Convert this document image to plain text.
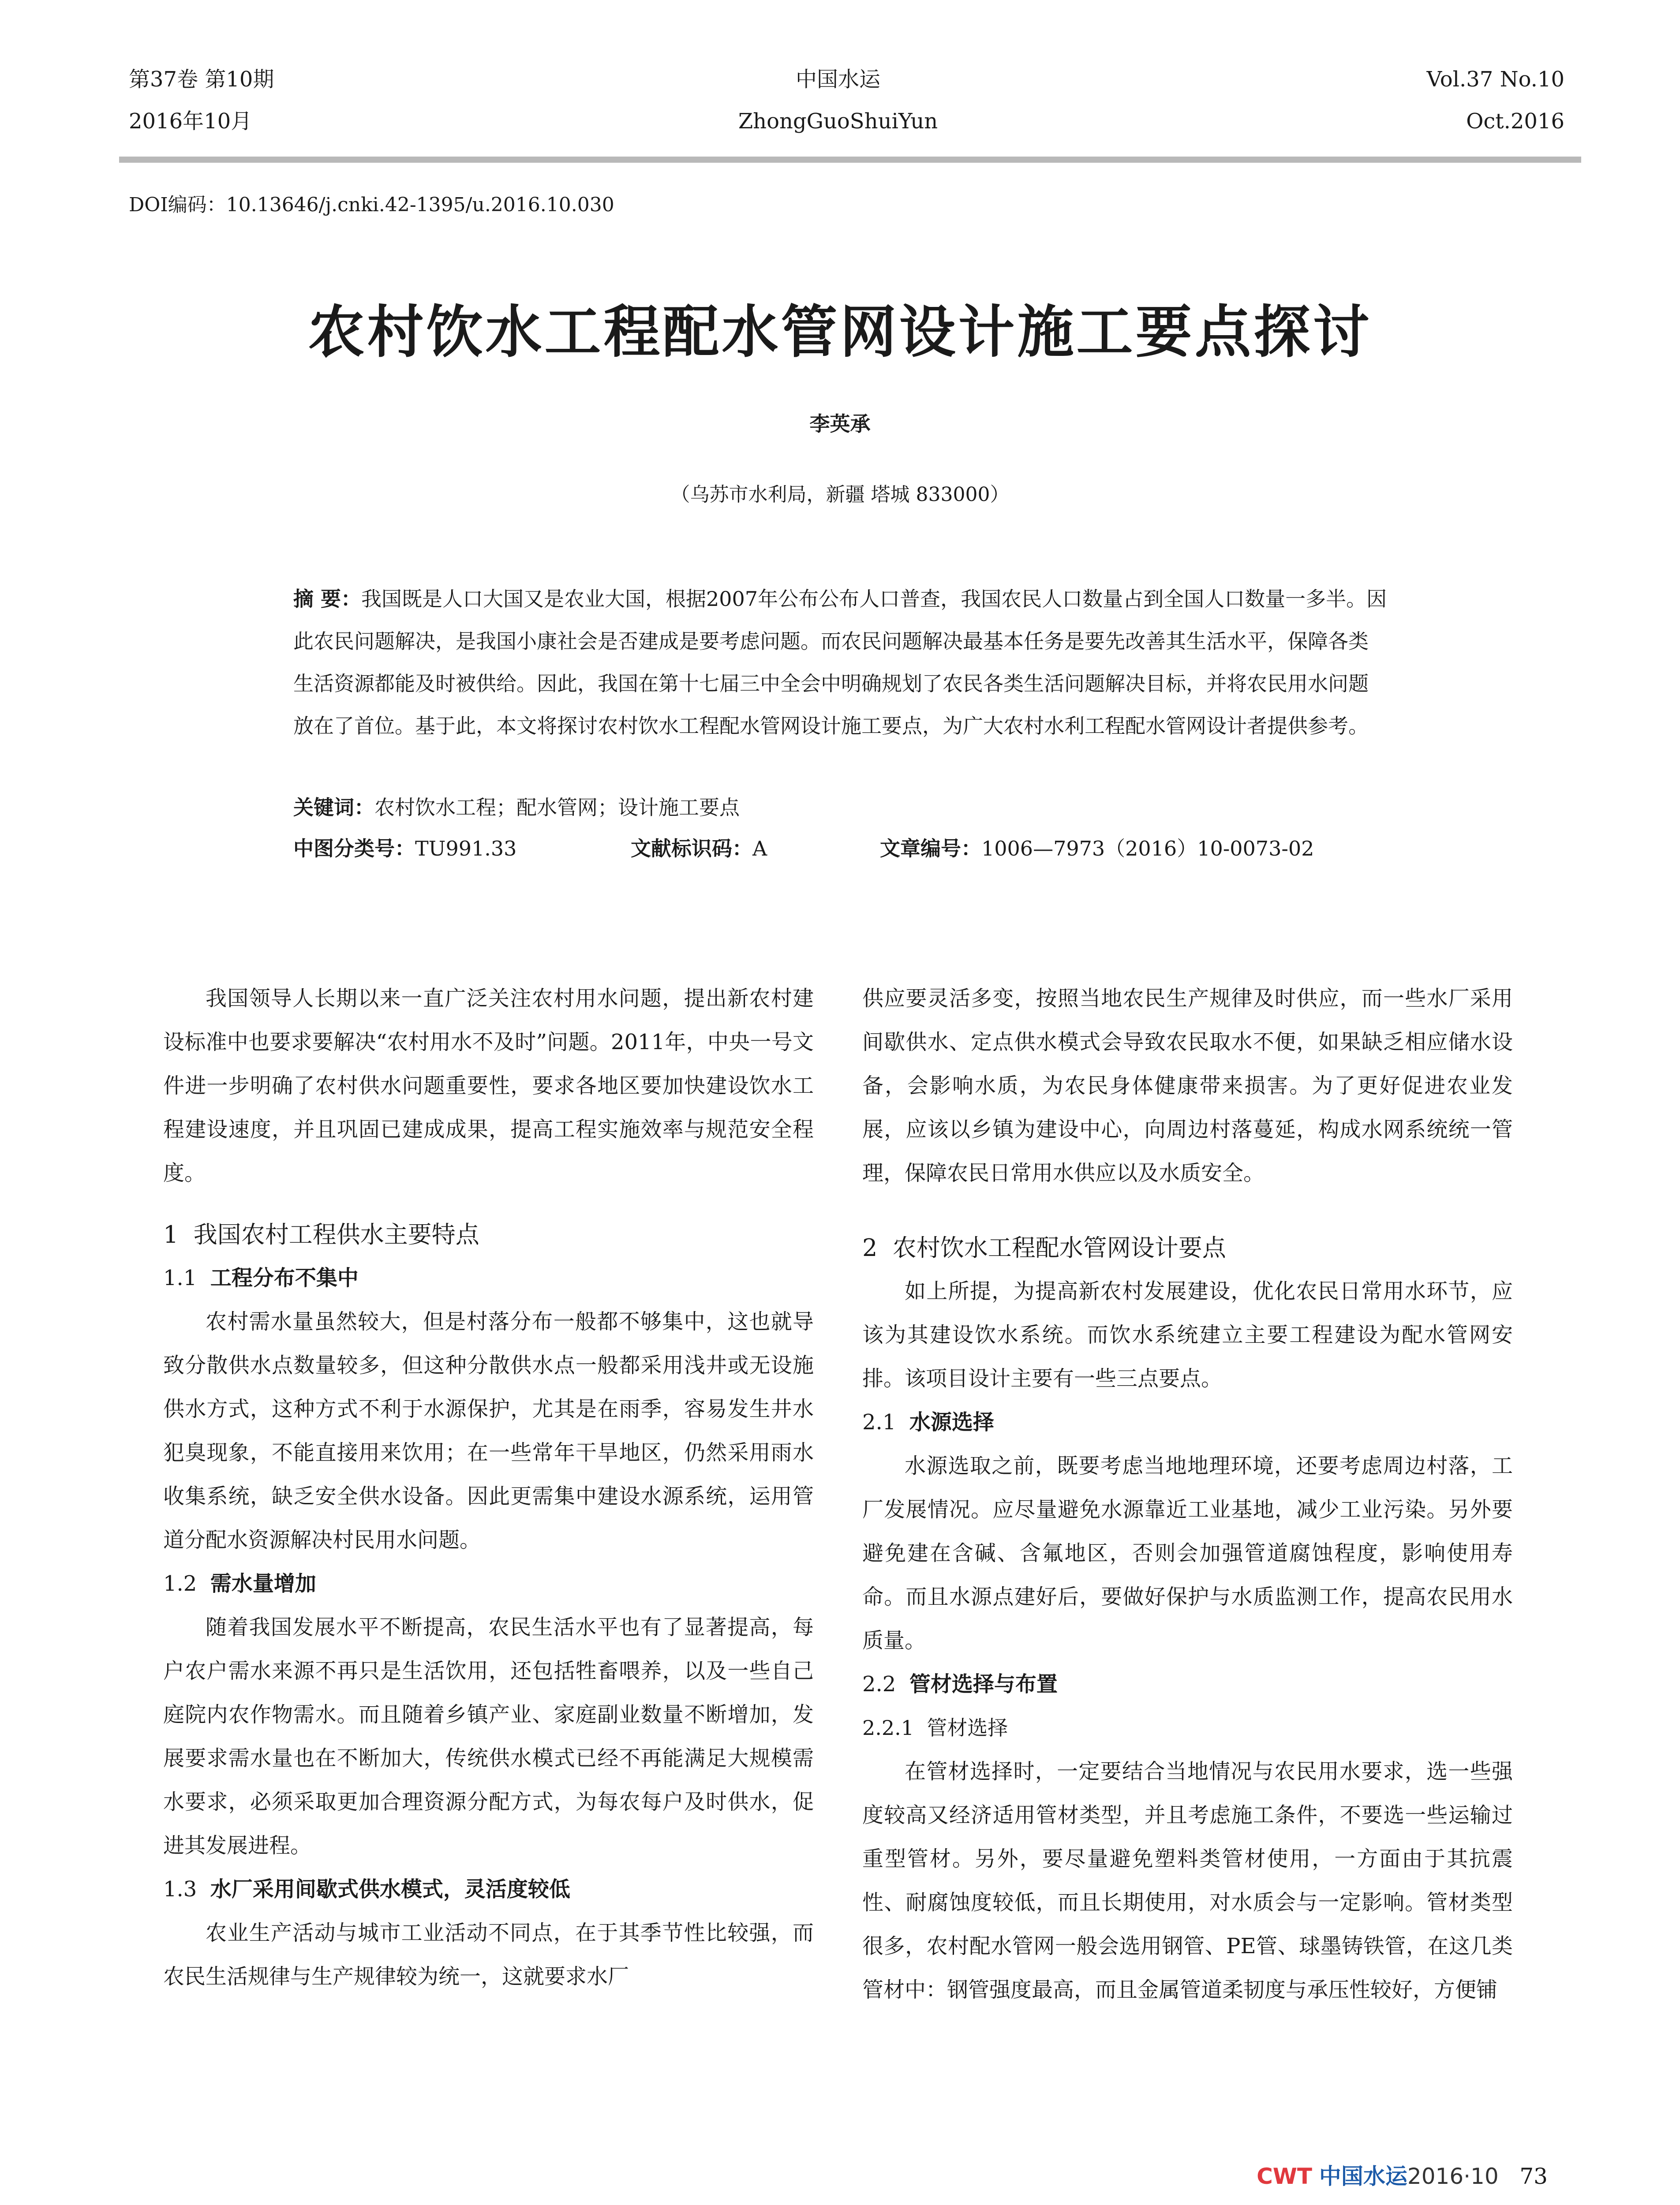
第37卷 第10期
2016年10月
中国水运
ZhongGuoShuiYun
Vol.37 No.10
Oct.2016
DOI编码：10.13646/j.cnki.42-1395/u.2016.10.030
农村饮水工程配水管网设计施工要点探讨
李英承
（乌苏市水利局，新疆 塔城 833000）
摘 要：我国既是人口大国又是农业大国，根据2007年公布公布人口普查，我国农民人口数量占到全国人口数量一多半。因此农民问题解决，是我国小康社会是否建成是要考虑问题。而农民问题解决最基本任务是要先改善其生活水平，保障各类生活资源都能及时被供给。因此，我国在第十七届三中全会中明确规划了农民各类生活问题解决目标，并将农民用水问题放在了首位。基于此，本文将探讨农村饮水工程配水管网设计施工要点，为广大农村水利工程配水管网设计者提供参考。
关键词：农村饮水工程；配水管网；设计施工要点
中图分类号：TU991.33	文献标识码：A	文章编号：1006—7973（2016）10-0073-02

我国领导人长期以来一直广泛关注农村用水问题，提出新农村建设标准中也要求要解决“农村用水不及时”问题。2011年，中央一号文件进一步明确了农村供水问题重要性，要求各地区要加快建设饮水工程建设速度，并且巩固已建成成果，提高工程实施效率与规范安全程度。

1 我国农村工程供水主要特点
1.1 工程分布不集中

农村需水量虽然较大，但是村落分布一般都不够集中，这也就导致分散供水点数量较多，但这种分散供水点一般都采用浅井或无设施供水方式，这种方式不利于水源保护，尤其是在雨季，容易发生井水犯臭现象，不能直接用来饮用；在一些常年干旱地区，仍然采用雨水收集系统，缺乏安全供水设备。因此更需集中建设水源系统，运用管道分配水资源解决村民用水问题。

1.2 需水量增加

随着我国发展水平不断提高，农民生活水平也有了显著提高，每户农户需水来源不再只是生活饮用，还包括牲畜喂养，以及一些自己庭院内农作物需水。而且随着乡镇产业、家庭副业数量不断增加，发展要求需水量也在不断加大，传统供水模式已经不再能满足大规模需水要求，必须采取更加合理资源分配方式，为每农每户及时供水，促进其发展进程。

1.3 水厂采用间歇式供水模式，灵活度较低

农业生产活动与城市工业活动不同点，在于其季节性比较强，而农民生活规律与生产规律较为统一，这就要求水厂

供应要灵活多变，按照当地农民生产规律及时供应，而一些水厂采用间歇供水、定点供水模式会导致农民取水不便，如果缺乏相应储水设备，会影响水质，为农民身体健康带来损害。为了更好促进农业发展，应该以乡镇为建设中心，向周边村落蔓延，构成水网系统统一管理，保障农民日常用水供应以及水质安全。

2 农村饮水工程配水管网设计要点

如上所提，为提高新农村发展建设，优化农民日常用水环节，应该为其建设饮水系统。而饮水系统建立主要工程建设为配水管网安排。该项目设计主要有一些三点要点。

2.1 水源选择

水源选取之前，既要考虑当地地理环境，还要考虑周边村落，工厂发展情况。应尽量避免水源靠近工业基地，减少工业污染。另外要避免建在含碱、含氟地区，否则会加强管道腐蚀程度，影响使用寿命。而且水源点建好后，要做好保护与水质监测工作，提高农民用水质量。

2.2 管材选择与布置
2.2.1 管材选择

在管材选择时，一定要结合当地情况与农民用水要求，选一些强度较高又经济适用管材类型，并且考虑施工条件，不要选一些运输过重型管材。另外，要尽量避免塑料类管材使用，一方面由于其抗震性、耐腐蚀度较低，而且长期使用，对水质会与一定影响。管材类型很多，农村配水管网一般会选用钢管、PE管、球墨铸铁管，在这几类管材中：钢管强度最高，而且金属管道柔韧度与承压性较好，方便铺

CWT 中国水运2016·10 73
